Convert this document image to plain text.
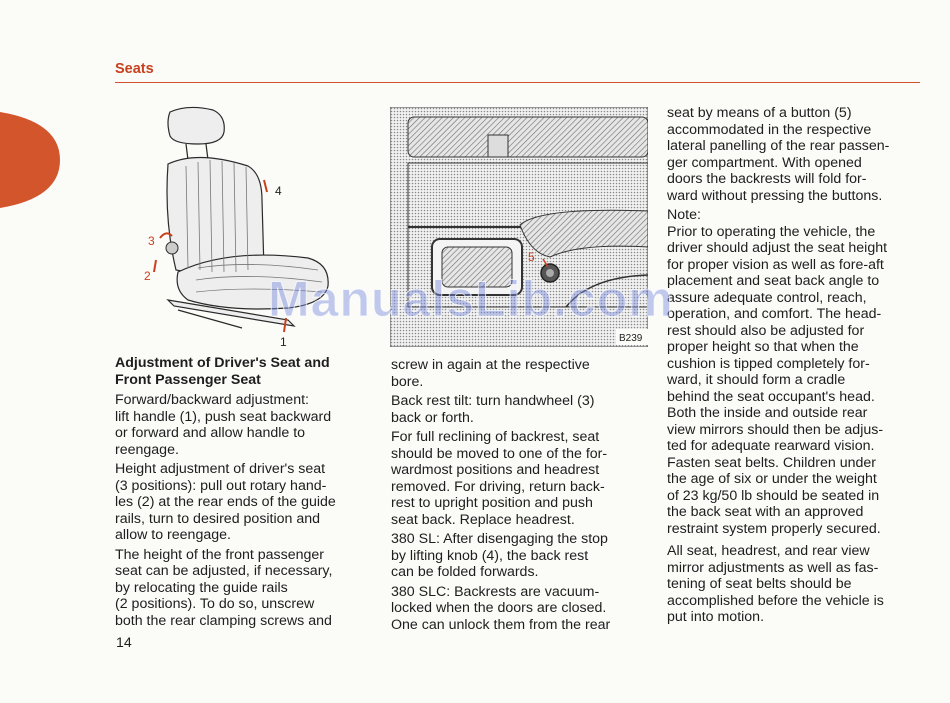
Seats
4
3
2
1
5
B239
Adjustment of Driver's Seat and
Front Passenger Seat

Forward/backward adjustment:
lift handle (1), push seat backward
or forward and allow handle to
reengage.

Height adjustment of driver's seat
(3 positions): pull out rotary hand-
les (2) at the rear ends of the guide
rails, turn to desired position and
allow to reengage.

The height of the front passenger
seat can be adjusted, if necessary,
by relocating the guide rails
(2 positions). To do so, unscrew
both the rear clamping screws and

screw in again at the respective
bore.

Back rest tilt: turn handwheel (3)
back or forth.

For full reclining of backrest, seat
should be moved to one of the for-
wardmost positions and headrest
removed. For driving, return back-
rest to upright position and push
seat back. Replace headrest.

380 SL: After disengaging the stop
by lifting knob (4), the back rest
can be folded forwards.

380 SLC: Backrests are vacuum-
locked when the doors are closed.
One can unlock them from the rear

seat by means of a button (5)
accommodated in the respective
lateral panelling of the rear passen-
ger compartment. With opened
doors the backrests will fold for-
ward without pressing the buttons.

Note:
Prior to operating the vehicle, the
driver should adjust the seat height
for proper vision as well as fore-aft
placement and seat back angle to
assure adequate control, reach,
operation, and comfort. The head-
rest should also be adjusted for
proper height so that when the
cushion is tipped completely for-
ward, it should form a cradle
behind the seat occupant's head.
Both the inside and outside rear
view mirrors should then be adjus-
ted for adequate rearward vision.
Fasten seat belts. Children under
the age of six or under the weight
of 23 kg/50 lb should be seated in
the back seat with an approved
restraint system properly secured.

All seat, headrest, and rear view
mirror adjustments as well as fas-
tening of seat belts should be
accomplished before the vehicle is
put into motion.

14
ManualsLib.com
